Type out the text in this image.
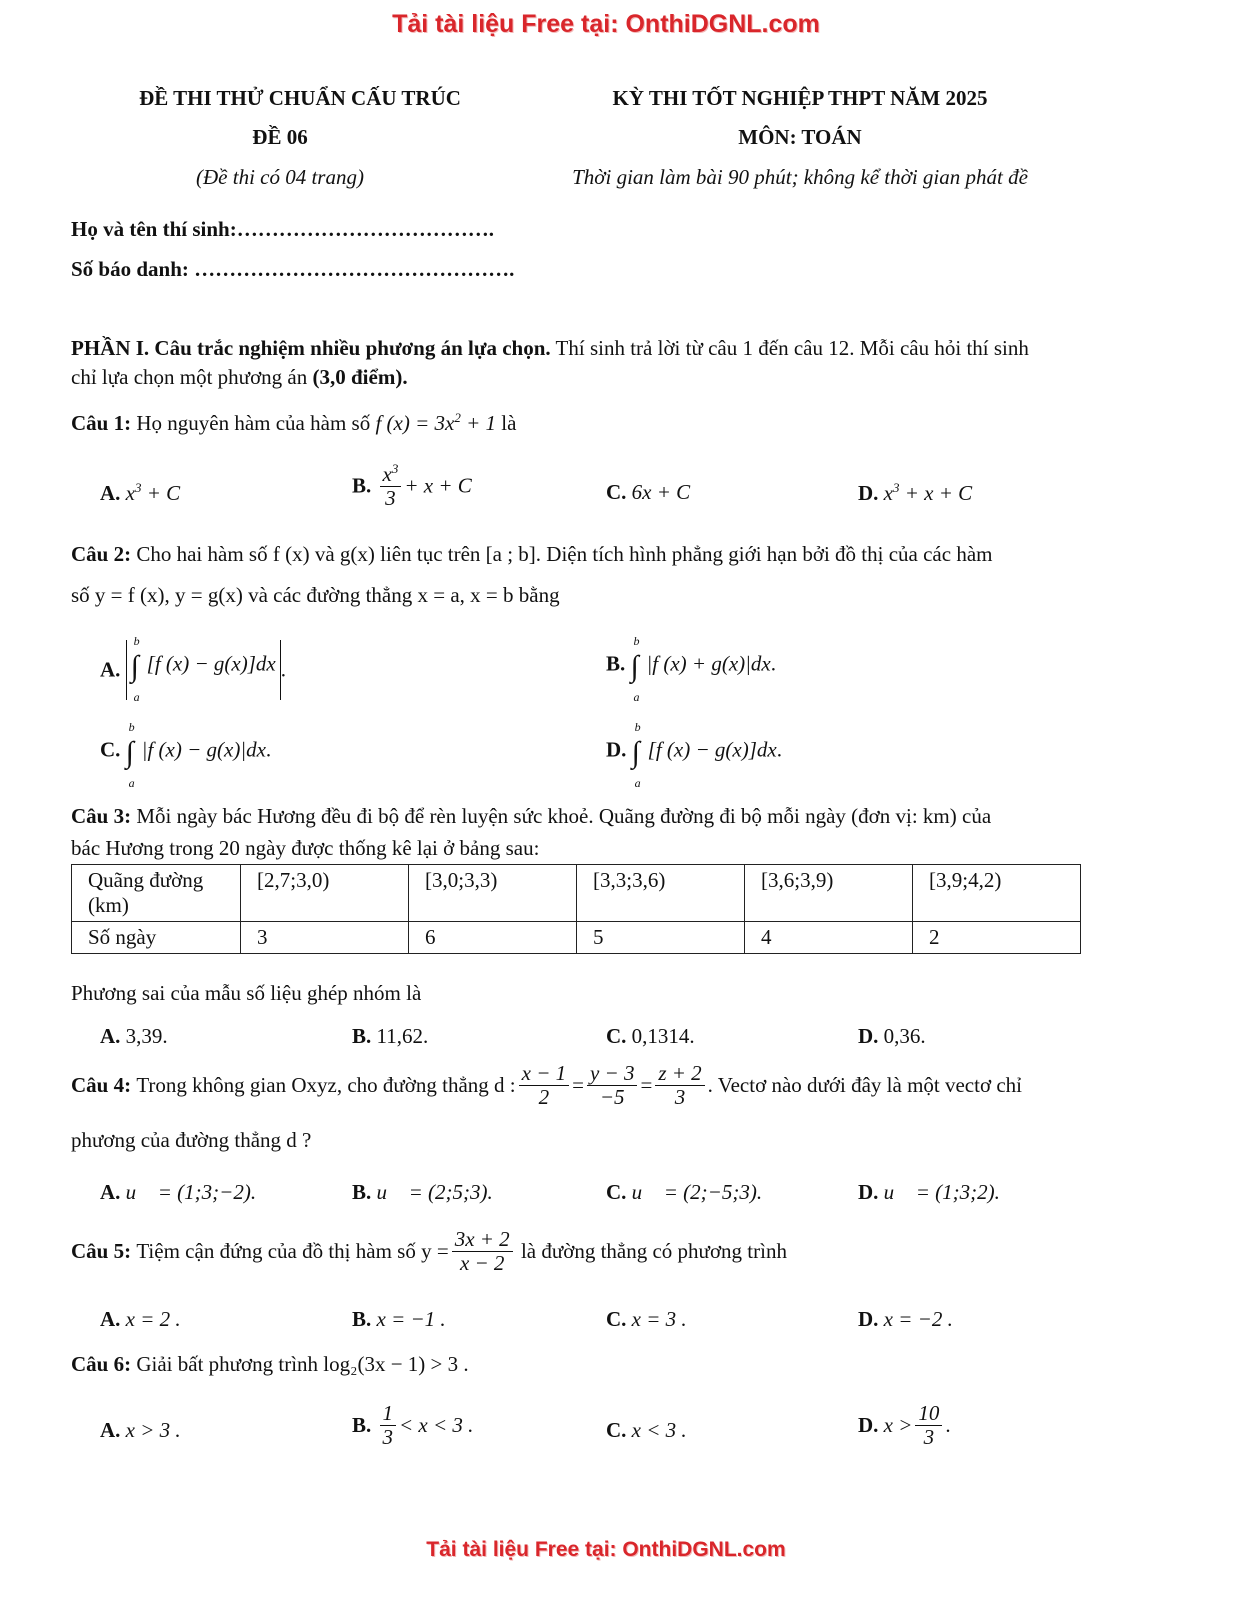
Tải tài liệu Free tại: OnthiDGNL.com
ĐỀ THI THỬ CHUẨN CẤU TRÚC
ĐỀ 06
(Đề thi có 04 trang)
KỲ THI TỐT NGHIỆP THPT NĂM 2025
MÔN: TOÁN
Thời gian làm bài 90 phút; không kể thời gian phát đề
Họ và tên thí sinh:……………………………….
Số báo danh: ……………………………………….
PHẦN I. Câu trắc nghiệm nhiều phương án lựa chọn. Thí sinh trả lời từ câu 1 đến câu 12. Mỗi câu hỏi thí sinh
chỉ lựa chọn một phương án (3,0 điểm).
Câu 1: Họ nguyên hàm của hàm số f $(x) = 3x^2 + 1$ là
A. $x^3 + C$	B. $\frac{x^3}{3} + x + C$	C. 6x + C	D. $x^3 + x + C$
Câu 2: Cho hai hàm số f (x) và g(x) liên tục trên [a ; b]. Diện tích hình phẳng giới hạn bởi đồ thị của các hàm
số y = f (x), y = g(x) và các đường thẳng x = a, x = b bằng
A.
b
∫
a
[f (x) − g(x)]dx .	B.
b
∫
a
|f (x) + g(x)|dx.
C.
b
∫
a
|f (x) − g(x)|dx.	D.
b
∫
a
[f (x) − g(x)]dx.
Câu 3: Mỗi ngày bác Hương đều đi bộ để rèn luyện sức khoẻ. Quãng đường đi bộ mỗi ngày (đơn vị: km) của
bác Hương trong 20 ngày được thống kê lại ở bảng sau:
Quãng đường
(km)	[2,7;3,0)	[3,0;3,3)	[3,3;3,6)	[3,6;3,9)	[3,9;4,2)
Số ngày	3	6	5	4	2
Phương sai của mẫu số liệu ghép nhóm là
A. 3,39.	B. 11,62.	C. 0,1314.	D. 0,36.
Câu 4: Trong không gian Oxyz, cho đường thẳng d : $\frac{x - 1}{2} = \frac{y - 3}{-5} = \frac{z + 2}{3}$ . Vectơ nào dưới đây là một vectơ chỉ
phương của đường thẳng d ?
A. u⃗ = (1;3;−2).	B. u⃗ = (2;5;3).	C. u⃗ = (2;−5;3).	D. u⃗ = (1;3;2).
Câu 5: Tiệm cận đứng của đồ thị hàm số $y = \frac{3x + 2}{x - 2}$ là đường thẳng có phương trình
A. x = 2 .	B. x = −1 .	C. x = 3 .	D. x = −2 .
Câu 6: Giải bất phương trình log₂(3x − 1) > 3 .
A. x > 3 .	B. $\frac{1}{3} < x < 3$ .	C. x < 3 .	D. $x > \frac{10}{3}$ .
Tải tài liệu Free tại: OnthiDGNL.com
